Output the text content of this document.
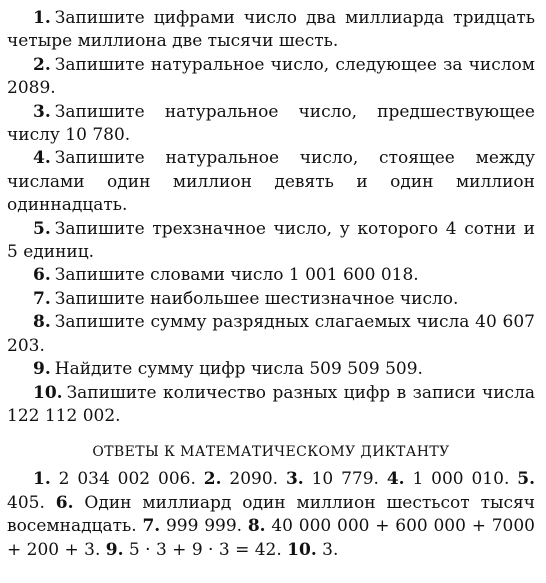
1. Запишите цифрами число два миллиарда тридцать четыре миллиона две тысячи шесть.

2. Запишите натуральное число, следующее за числом 2089.

3. Запишите натуральное число, предшествующее числу 10 780.

4. Запишите натуральное число, стоящее между числами один миллион девять и один миллион одиннадцать.

5. Запишите трехзначное число, у которого 4 сотни и 5 единиц.

6. Запишите словами число 1 001 600 018.

7. Запишите наибольшее шестизначное число.

8. Запишите сумму разрядных слагаемых числа 40 607 203.

9. Найдите сумму цифр числа 509 509 509.

10. Запишите количество разных цифр в записи числа 122 112 002.

ОТВЕТЫ К МАТЕМАТИЧЕСКОМУ ДИКТАНТУ

1. 2 034 002 006. 2. 2090. 3. 10 779. 4. 1 000 010. 5. 405. 6. Один миллиард один миллион шестьсот тысяч восемнадцать. 7. 999 999. 8. 40 000 000 + 600 000 + 7000 + 200 + 3. 9. 5 · 3 + 9 · 3 = 42. 10. 3.
